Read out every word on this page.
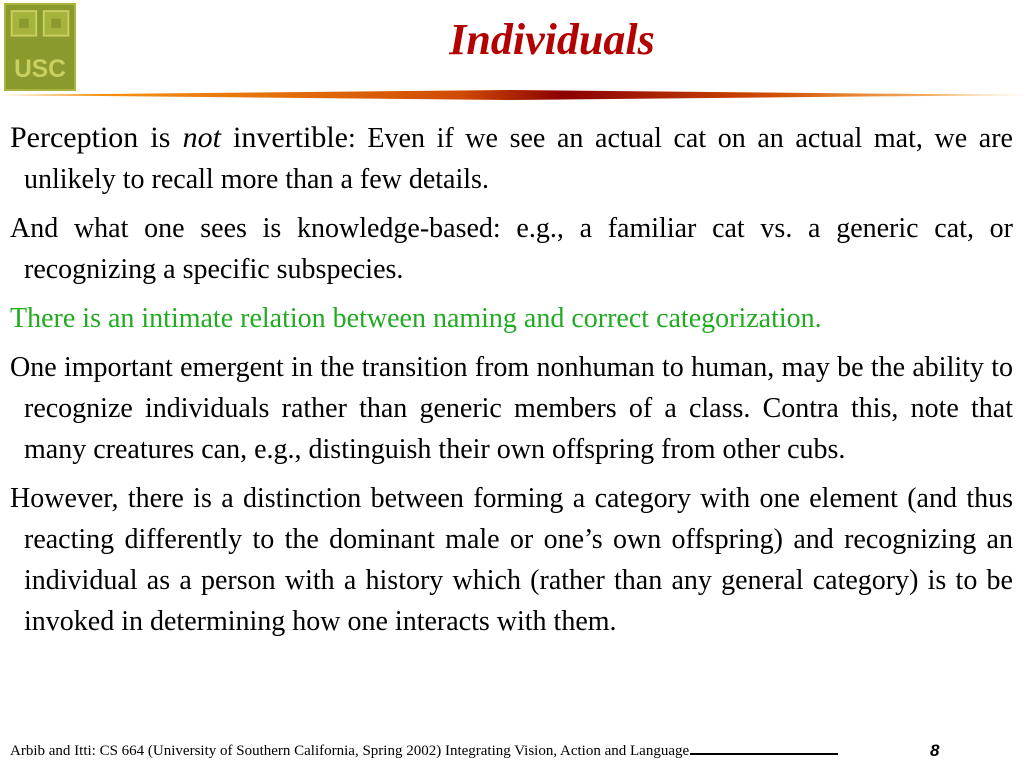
USC
Individuals

Perception is not invertible: Even if we see an actual cat on an actual mat, we are unlikely to recall more than a few details.

And what one sees is knowledge-based: e.g., a familiar cat vs. a generic cat, or recognizing a specific subspecies.

There is an intimate relation between naming and correct categorization.

One important emergent in the transition from nonhuman to human, may be the ability to recognize individuals rather than generic members of a class. Contra this, note that many creatures can, e.g., distinguish their own offspring from other cubs.

However, there is a distinction between forming a category with one element (and thus reacting differently to the dominant male or one’s own offspring) and recognizing an individual as a person with a history which (rather than any general category) is to be invoked in determining how one interacts with them.

Arbib and Itti: CS 664 (University of Southern California, Spring 2002) Integrating Vision, Action and Language	8
